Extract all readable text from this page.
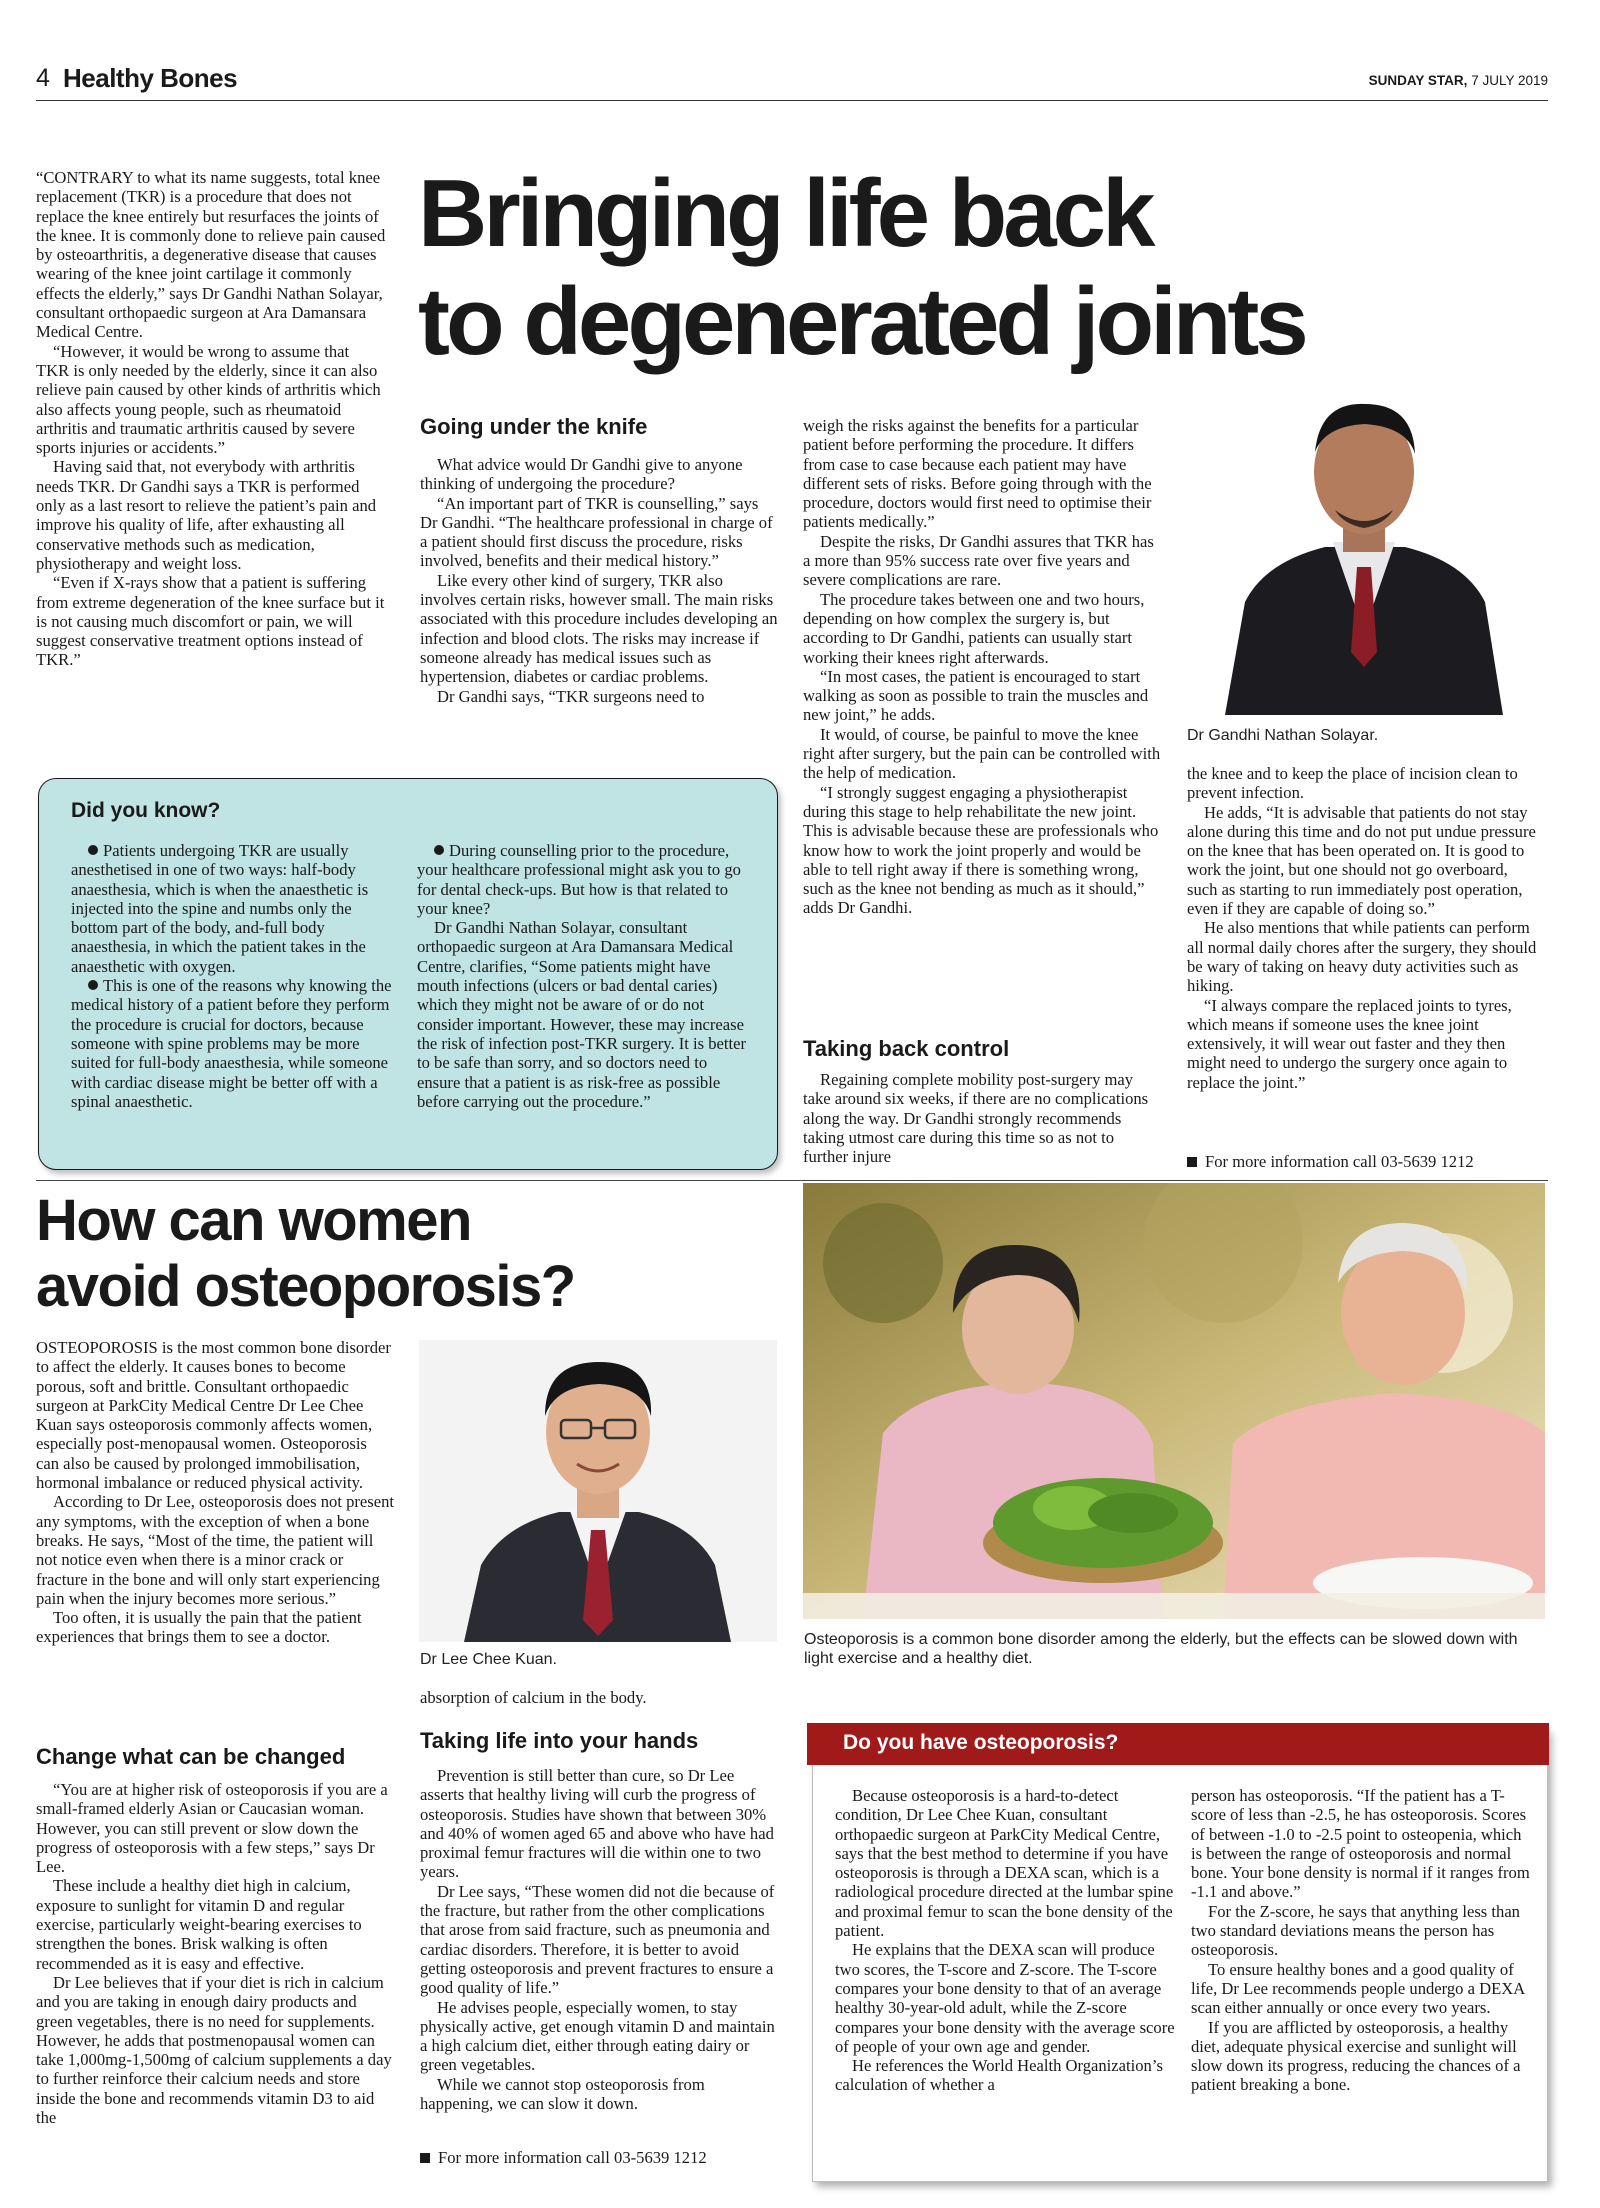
4 Healthy Bones	SUNDAY STAR, 7 JULY 2019
Bringing life back
to degenerated joints

“CONTRARY to what its name suggests, total knee replacement (TKR) is a procedure that does not replace the knee entirely but resurfaces the joints of the knee. It is commonly done to relieve pain caused by osteoarthritis, a degenerative disease that causes wearing of the knee joint cartilage it commonly effects the elderly,” says Dr Gandhi Nathan Solayar, consultant orthopaedic surgeon at Ara Damansara Medical Centre.

“However, it would be wrong to assume that TKR is only needed by the elderly, since it can also relieve pain caused by other kinds of arthritis which also affects young people, such as rheumatoid arthritis and traumatic arthritis caused by severe sports injuries or accidents.”

Having said that, not everybody with arthritis needs TKR. Dr Gandhi says a TKR is performed only as a last resort to relieve the patient’s pain and improve his quality of life, after exhausting all conservative methods such as medication, physiotherapy and weight loss.

“Even if X-rays show that a patient is suffering from extreme degeneration of the knee surface but it is not causing much discomfort or pain, we will suggest conservative treatment options instead of TKR.”

Going under the knife

What advice would Dr Gandhi give to anyone thinking of undergoing the procedure?

“An important part of TKR is counselling,” says Dr Gandhi. “The healthcare professional in charge of a patient should first discuss the procedure, risks involved, benefits and their medical history.”

Like every other kind of surgery, TKR also involves certain risks, however small. The main risks associated with this procedure includes developing an infection and blood clots. The risks may increase if someone already has medical issues such as hypertension, diabetes or cardiac problems.

Dr Gandhi says, “TKR surgeons need to

weigh the risks against the benefits for a particular patient before performing the procedure. It differs from case to case because each patient may have different sets of risks. Before going through with the procedure, doctors would first need to optimise their patients medically.”

Despite the risks, Dr Gandhi assures that TKR has a more than 95% success rate over five years and severe complications are rare.

The procedure takes between one and two hours, depending on how complex the surgery is, but according to Dr Gandhi, patients can usually start working their knees right afterwards.

“In most cases, the patient is encouraged to start walking as soon as possible to train the muscles and new joint,” he adds.

It would, of course, be painful to move the knee right after surgery, but the pain can be controlled with the help of medication.

“I strongly suggest engaging a physiotherapist during this stage to help rehabilitate the new joint. This is advisable because these are professionals who know how to work the joint properly and would be able to tell right away if there is something wrong, such as the knee not bending as much as it should,” adds Dr Gandhi.

Taking back control

Regaining complete mobility post-surgery may take around six weeks, if there are no complications along the way. Dr Gandhi strongly recommends taking utmost care during this time so as not to further injure

Dr Gandhi Nathan Solayar.

the knee and to keep the place of incision clean to prevent infection.

He adds, “It is advisable that patients do not stay alone during this time and do not put undue pressure on the knee that has been operated on. It is good to work the joint, but one should not go overboard, such as starting to run immediately post operation, even if they are capable of doing so.”

He also mentions that while patients can perform all normal daily chores after the surgery, they should be wary of taking on heavy duty activities such as hiking.

“I always compare the replaced joints to tyres, which means if someone uses the knee joint extensively, it will wear out faster and they then might need to undergo the surgery once again to replace the joint.”

For more information call 03-5639 1212
Did you know?

Patients undergoing TKR are usually anesthetised in one of two ways: half-body anaesthesia, which is when the anaesthetic is injected into the spine and numbs only the bottom part of the body, and-full body anaesthesia, in which the patient takes in the anaesthetic with oxygen.

This is one of the reasons why knowing the medical history of a patient before they perform the procedure is crucial for doctors, because someone with spine problems may be more suited for full-body anaesthesia, while someone with cardiac disease might be better off with a spinal anaesthetic.

During counselling prior to the procedure, your healthcare professional might ask you to go for dental check-ups. But how is that related to your knee?

Dr Gandhi Nathan Solayar, consultant orthopaedic surgeon at Ara Damansara Medical Centre, clarifies, “Some patients might have mouth infections (ulcers or bad dental caries) which they might not be aware of or do not consider important. However, these may increase the risk of infection post-TKR surgery. It is better to be safe than sorry, and so doctors need to ensure that a patient is as risk-free as possible before carrying out the procedure.”

How can women
avoid osteoporosis?

OSTEOPOROSIS is the most common bone disorder to affect the elderly. It causes bones to become porous, soft and brittle. Consultant orthopaedic surgeon at ParkCity Medical Centre Dr Lee Chee Kuan says osteoporosis commonly affects women, especially post-menopausal women. Osteoporosis can also be caused by prolonged immobilisation, hormonal imbalance or reduced physical activity.

According to Dr Lee, osteoporosis does not present any symptoms, with the exception of when a bone breaks. He says, “Most of the time, the patient will not notice even when there is a minor crack or fracture in the bone and will only start experiencing pain when the injury becomes more serious.”

Too often, it is usually the pain that the patient experiences that brings them to see a doctor.

Change what can be changed

“You are at higher risk of osteoporosis if you are a small-framed elderly Asian or Caucasian woman. However, you can still prevent or slow down the progress of osteoporosis with a few steps,” says Dr Lee.

These include a healthy diet high in calcium, exposure to sunlight for vitamin D and regular exercise, particularly weight-bearing exercises to strengthen the bones. Brisk walking is often recommended as it is easy and effective.

Dr Lee believes that if your diet is rich in calcium and you are taking in enough dairy products and green vegetables, there is no need for supplements. However, he adds that postmenopausal women can take 1,000mg-1,500mg of calcium supplements a day to further reinforce their calcium needs and store inside the bone and recommends vitamin D3 to aid the

Dr Lee Chee Kuan.

absorption of calcium in the body.

Taking life into your hands

Prevention is still better than cure, so Dr Lee asserts that healthy living will curb the progress of osteoporosis. Studies have shown that between 30% and 40% of women aged 65 and above who have had proximal femur fractures will die within one to two years.

Dr Lee says, “These women did not die because of the fracture, but rather from the other complications that arose from said fracture, such as pneumonia and cardiac disorders. Therefore, it is better to avoid getting osteoporosis and prevent fractures to ensure a good quality of life.”

He advises people, especially women, to stay physically active, get enough vitamin D and maintain a high calcium diet, either through eating dairy or green vegetables.

While we cannot stop osteoporosis from happening, we can slow it down.

For more information call 03-5639 1212
Osteoporosis is a common bone disorder among the elderly, but the effects can be slowed down with light exercise and a healthy diet.
Do you have osteoporosis?

Because osteoporosis is a hard-to-detect condition, Dr Lee Chee Kuan, consultant orthopaedic surgeon at ParkCity Medical Centre, says that the best method to determine if you have osteoporosis is through a DEXA scan, which is a radiological procedure directed at the lumbar spine and proximal femur to scan the bone density of the patient.

He explains that the DEXA scan will produce two scores, the T-score and Z-score. The T-score compares your bone density to that of an average healthy 30-year-old adult, while the Z-score compares your bone density with the average score of people of your own age and gender.

He references the World Health Organization’s calculation of whether a

person has osteoporosis. “If the patient has a T-score of less than -2.5, he has osteoporosis. Scores of between -1.0 to -2.5 point to osteopenia, which is between the range of osteoporosis and normal bone. Your bone density is normal if it ranges from -1.1 and above.”

For the Z-score, he says that anything less than two standard deviations means the person has osteoporosis.

To ensure healthy bones and a good quality of life, Dr Lee recommends people undergo a DEXA scan either annually or once every two years.

If you are afflicted by osteoporosis, a healthy diet, adequate physical exercise and sunlight will slow down its progress, reducing the chances of a patient breaking a bone.
